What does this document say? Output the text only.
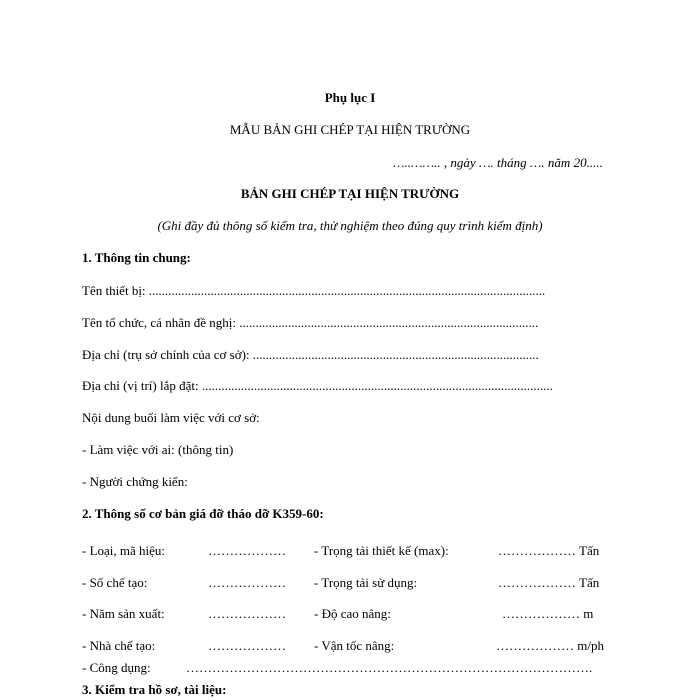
Phụ lục I
MẪU BẢN GHI CHÉP TẠI HIỆN TRƯỜNG
…..…….. , ngày …. tháng …. năm 20.....
BẢN GHI CHÉP TẠI HIỆN TRƯỜNG
(Ghi đầy đủ thông số kiểm tra, thử nghiệm theo đúng quy trình kiểm định)
1. Thông tin chung:
Tên thiết bị: ..........................................................................................................................
Tên tổ chức, cá nhân đề nghị: ............................................................................................
Địa chỉ (trụ sở chính của cơ sở): ........................................................................................
Địa chỉ (vị trí) lắp đặt: ............................................................................................................
Nội dung buổi làm việc với cơ sở:
- Làm việc với ai: (thông tin)
- Người chứng kiến:
2. Thông số cơ bản giá đỡ tháo dỡ K359-60:
- Loại, mã hiệu:	……………… - Trọng tải thiết kế (max):	……………… Tấn
- Số chế tạo:	……………… - Trọng tải sử dụng:	……………… Tấn
- Năm sản xuất:	……………… - Độ cao nâng:	……………… m
- Nhà chế tạo:	……………… - Vận tốc nâng:	……………… m/ph
- Công dụng:	………………………………………………………………………………….
3. Kiểm tra hồ sơ, tài liệu:
